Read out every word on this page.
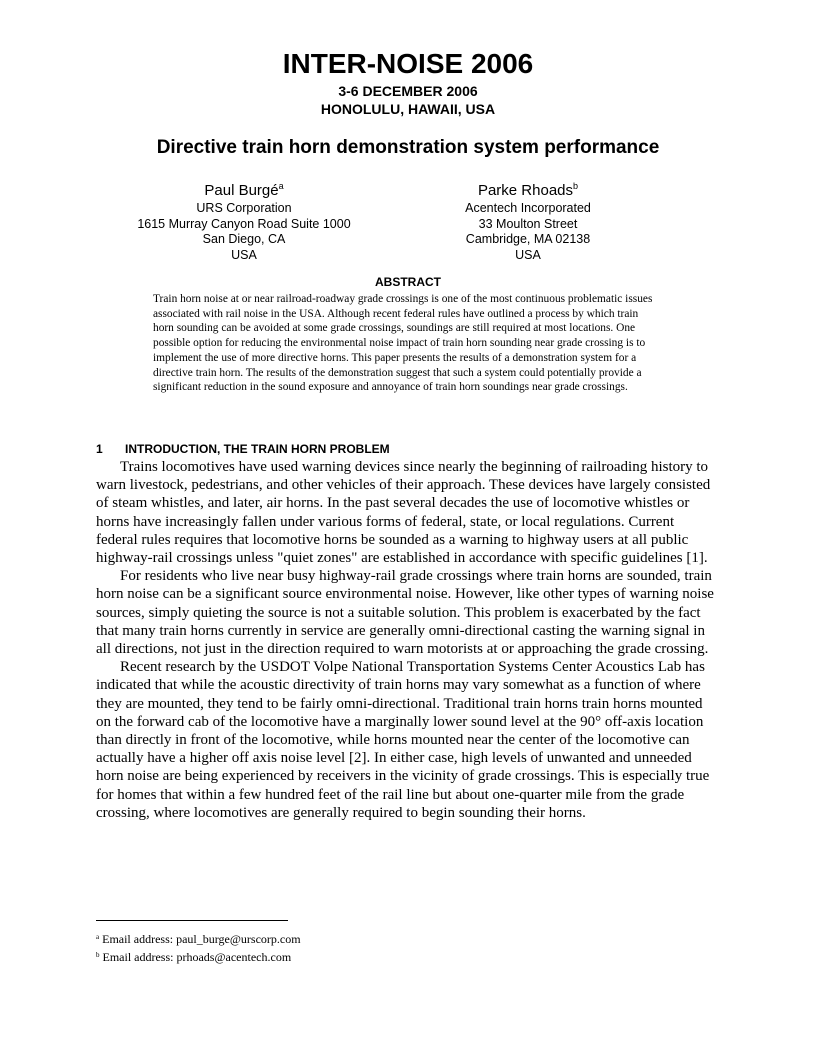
INTER-NOISE 2006
3-6 DECEMBER 2006
HONOLULU, HAWAII, USA
Directive train horn demonstration system performance
Paul Burgé$^a$
URS Corporation
1615 Murray Canyon Road Suite 1000
San Diego, CA
USA
Parke Rhoads$^b$
Acentech Incorporated
33 Moulton Street
Cambridge, MA 02138
USA
ABSTRACT
Train horn noise at or near railroad-roadway grade crossings is one of the most continuous problematic issues associated with rail noise in the USA. Although recent federal rules have outlined a process by which train horn sounding can be avoided at some grade crossings, soundings are still required at most locations. One possible option for reducing the environmental noise impact of train horn sounding near grade crossing is to implement the use of more directive horns. This paper presents the results of a demonstration system for a directive train horn. The results of the demonstration suggest that such a system could potentially provide a significant reduction in the sound exposure and annoyance of train horn soundings near grade crossings.
1 INTRODUCTION, THE TRAIN HORN PROBLEM

Trains locomotives have used warning devices since nearly the beginning of railroading history to warn livestock, pedestrians, and other vehicles of their approach. These devices have largely consisted of steam whistles, and later, air horns. In the past several decades the use of locomotive whistles or horns have increasingly fallen under various forms of federal, state, or local regulations. Current federal rules requires that locomotive horns be sounded as a warning to highway users at all public highway-rail crossings unless "quiet zones" are established in accordance with specific guidelines [1].

For residents who live near busy highway-rail grade crossings where train horns are sounded, train horn noise can be a significant source environmental noise. However, like other types of warning noise sources, simply quieting the source is not a suitable solution. This problem is exacerbated by the fact that many train horns currently in service are generally omni-directional casting the warning signal in all directions, not just in the direction required to warn motorists at or approaching the grade crossing.

Recent research by the USDOT Volpe National Transportation Systems Center Acoustics Lab has indicated that while the acoustic directivity of train horns may vary somewhat as a function of where they are mounted, they tend to be fairly omni-directional. Traditional train horns train horns mounted on the forward cab of the locomotive have a marginally lower sound level at the 90° off-axis location than directly in front of the locomotive, while horns mounted near the center of the locomotive can actually have a higher off axis noise level [2]. In either case, high levels of unwanted and unneeded horn noise are being experienced by receivers in the vicinity of grade crossings. This is especially true for homes that within a few hundred feet of the rail line but about one-quarter mile from the grade crossing, where locomotives are generally required to begin sounding their horns.

$^a$ Email address: paul_burge@urscorp.com
$^b$ Email address: prhoads@acentech.com
